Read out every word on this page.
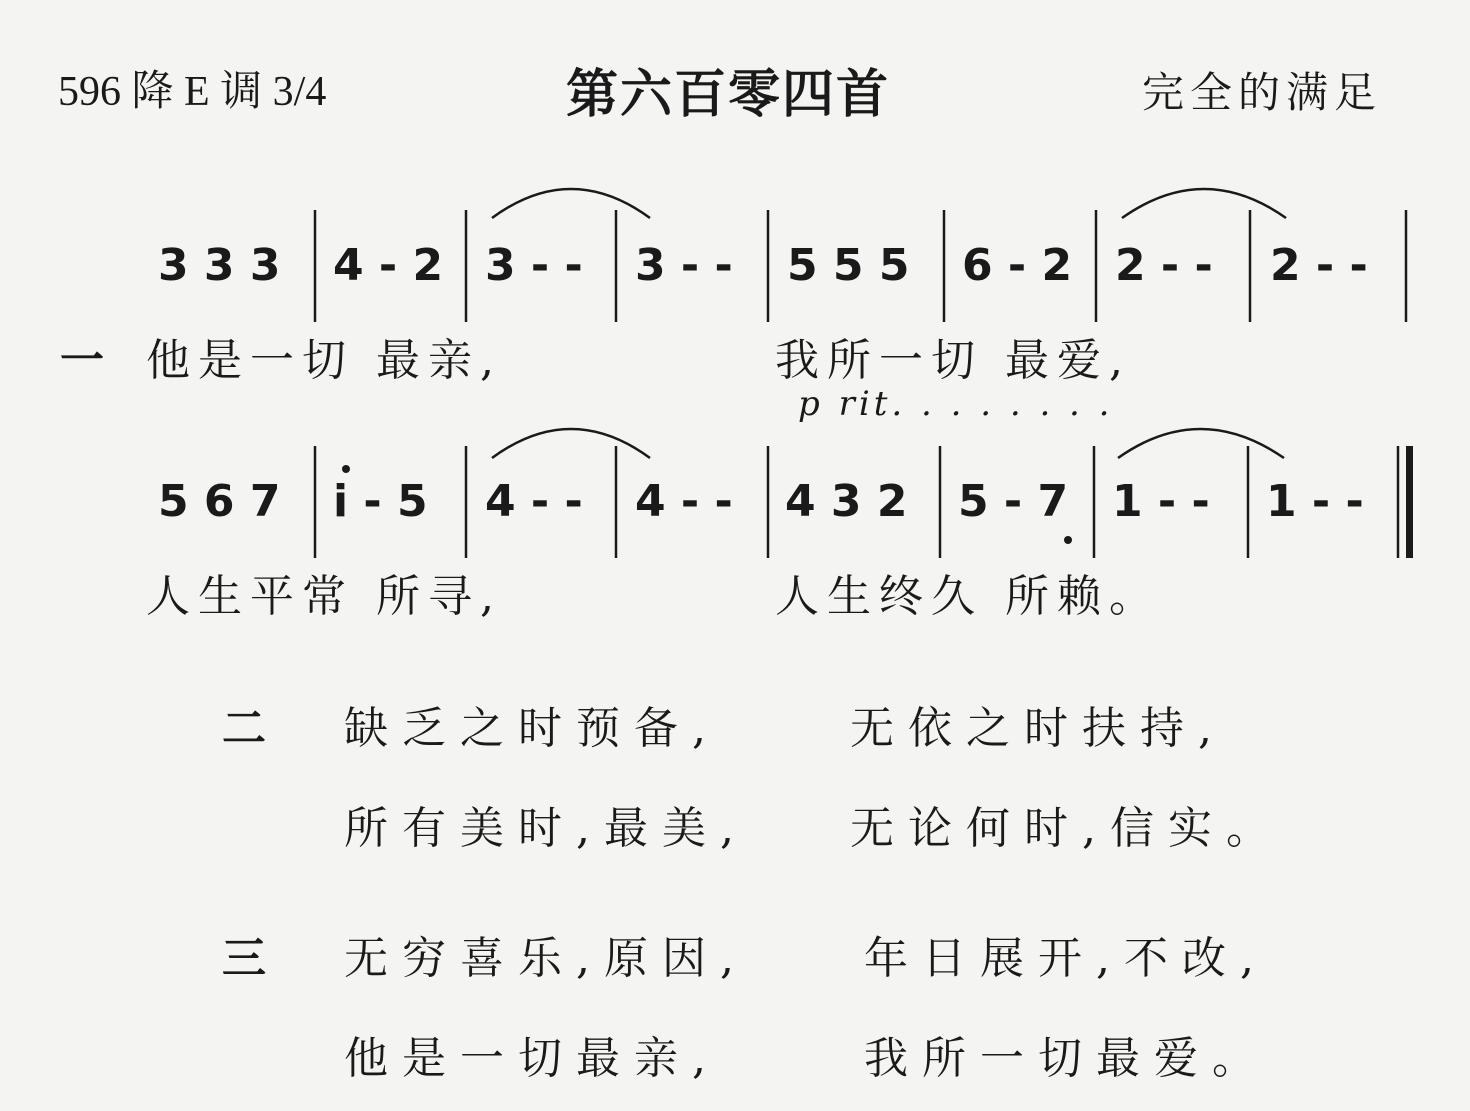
596 降 E 调 3/4	第六百零四首	完全的满足
3 3 3 4 - 2 3 - - 3 - - 5 5 5 6 - 2 2 - - 2 - -
一 他是一切 最亲,	我所一切 最爱,
p rit. . . . . . . .
5 6 7 i - 5 4 - - 4 - - 4 3 2 5 - 7 1 - - 1 - -
人生平常 所寻,	人生终久 所赖。
二 缺乏之时预备,	无依之时扶持,
所有美时,最美, 无论何时,信实。
三 无穷喜乐,原因,	年日展开,不改,
他是一切最亲,	我所一切最爱。
